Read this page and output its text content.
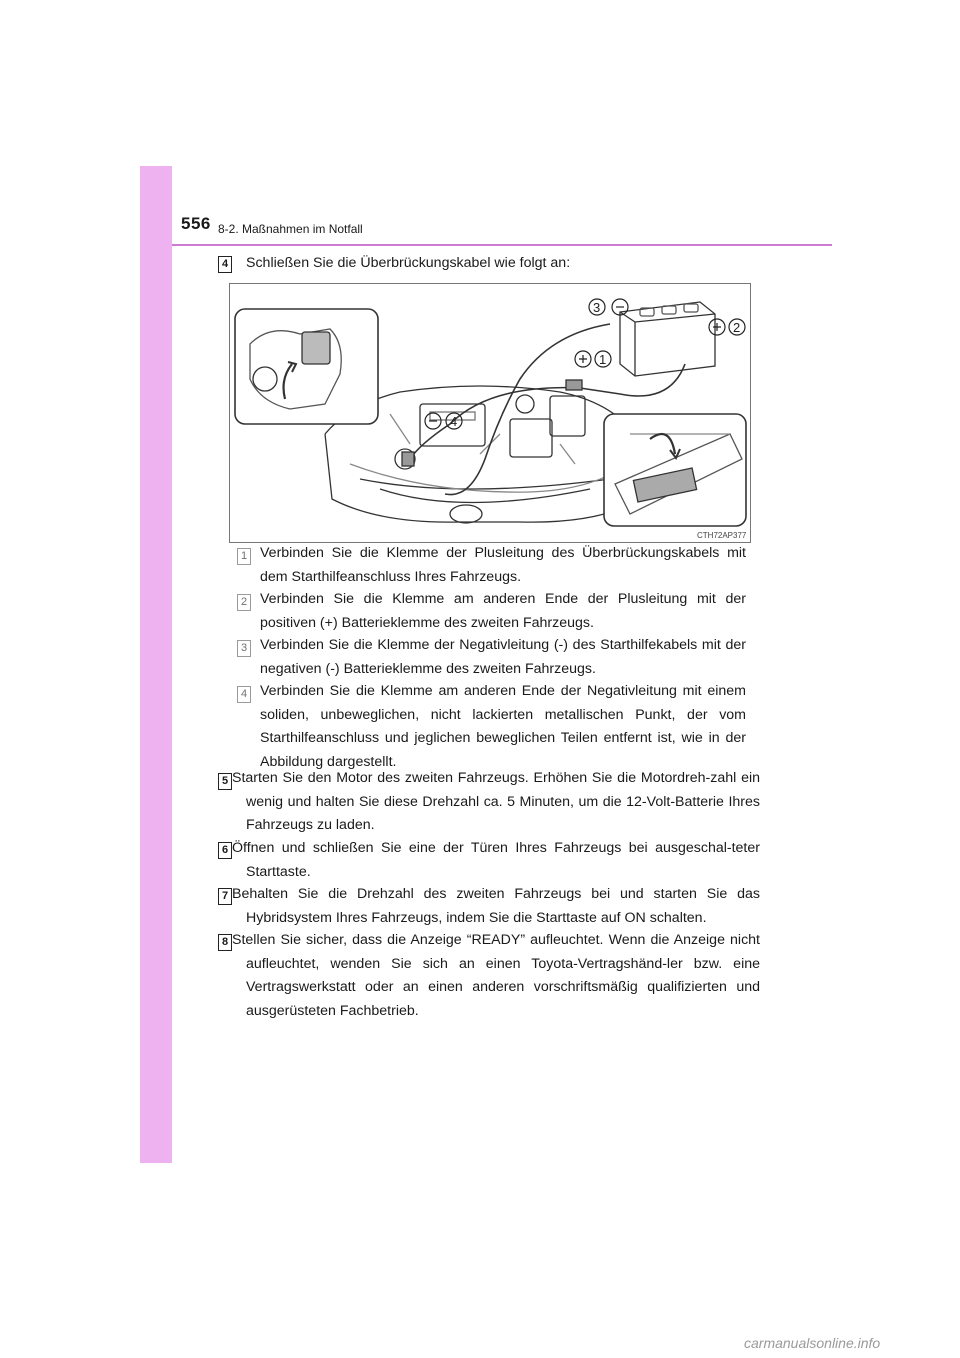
556 8-2. Maßnahmen im Notfall
4 Schließen Sie die Überbrückungskabel wie folgt an:

3
2
1
4
CTH72AP377
1 Verbinden Sie die Klemme der Plusleitung des Überbrückungskabels mit dem Starthilfeanschluss Ihres Fahrzeugs.

2 Verbinden Sie die Klemme am anderen Ende der Plusleitung mit der positiven (+) Batterieklemme des zweiten Fahrzeugs.

3 Verbinden Sie die Klemme der Negativleitung (-) des Starthilfekabels mit der negativen (-) Batterieklemme des zweiten Fahrzeugs.

4 Verbinden Sie die Klemme am anderen Ende der Negativleitung mit einem soliden, unbeweglichen, nicht lackierten metallischen Punkt, der vom Starthilfeanschluss und jeglichen beweglichen Teilen entfernt ist, wie in der Abbildung dargestellt.

5 Starten Sie den Motor des zweiten Fahrzeugs. Erhöhen Sie die Motordreh-zahl ein wenig und halten Sie diese Drehzahl ca. 5 Minuten, um die 12-Volt-Batterie Ihres Fahrzeugs zu laden.

6 Öffnen und schließen Sie eine der Türen Ihres Fahrzeugs bei ausgeschal-teter Starttaste.

7 Behalten Sie die Drehzahl des zweiten Fahrzeugs bei und starten Sie das Hybridsystem Ihres Fahrzeugs, indem Sie die Starttaste auf ON schalten.

8 Stellen Sie sicher, dass die Anzeige “READY” aufleuchtet. Wenn die Anzeige nicht aufleuchtet, wenden Sie sich an einen Toyota-Vertragshänd-ler bzw. eine Vertragswerkstatt oder an einen anderen vorschriftsmäßig qualifizierten und ausgerüsteten Fachbetrieb.

carmanualsonline.info
